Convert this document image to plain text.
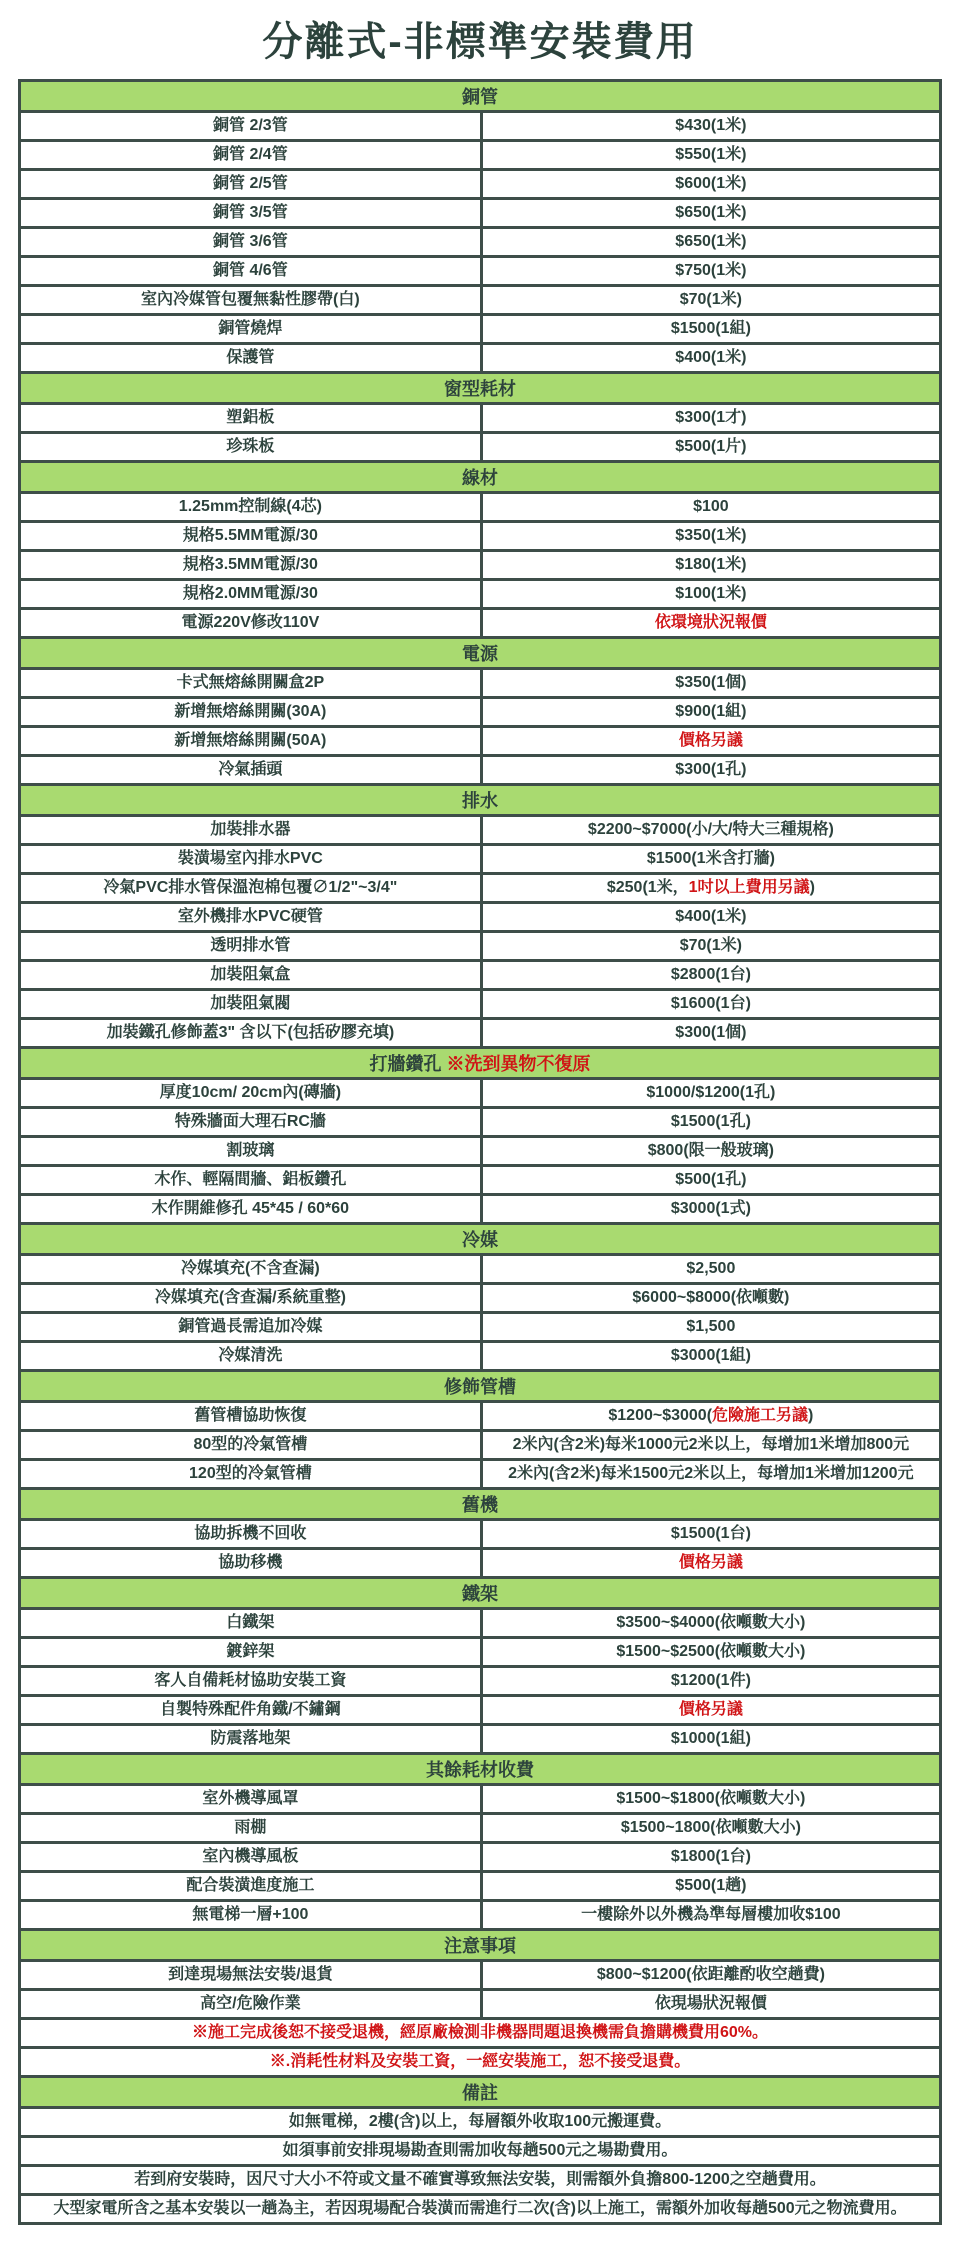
分離式-非標準安裝費用
銅管
銅管 2/3管	$430(1米)
銅管 2/4管	$550(1米)
銅管 2/5管	$600(1米)
銅管 3/5管	$650(1米)
銅管 3/6管	$650(1米)
銅管 4/6管	$750(1米)
室內冷媒管包覆無黏性膠帶(白)	$70(1米)
銅管燒焊	$1500(1組)
保護管	$400(1米)
窗型耗材
塑鋁板	$300(1才)
珍珠板	$500(1片)
線材
1.25mm控制線(4芯)	$100
規格5.5MM電源/30	$350(1米)
規格3.5MM電源/30	$180(1米)
規格2.0MM電源/30	$100(1米)
電源220V修改110V	依環境狀況報價
電源
卡式無熔絲開關盒2P	$350(1個)
新增無熔絲開關(30A)	$900(1組)
新增無熔絲開關(50A)	價格另議
冷氣插頭	$300(1孔)
排水
加裝排水器	$2200~$7000(小/大/特大三種規格)
裝潢場室內排水PVC	$1500(1米含打牆)
冷氣PVC排水管保溫泡棉包覆∅1/2"~3/4"	$250(1米， 1吋以上費用另議 )
室外機排水PVC硬管	$400(1米)
透明排水管	$70(1米)
加裝阻氣盒	$2800(1台)
加裝阻氣閥	$1600(1台)
加裝鐵孔修飾蓋3" 含以下(包括矽膠充填)	$300(1個)
打牆鑽孔 ※洗到異物不復原
厚度10cm/ 20cm內(磚牆)	$1000/$1200(1孔)
特殊牆面大理石RC牆	$1500(1孔)
割玻璃	$800(限一般玻璃)
木作、輕隔間牆、鋁板鑽孔	$500(1孔)
木作開維修孔 45*45 / 60*60	$3000(1式)
冷媒
冷媒填充(不含查漏)	$2,500
冷媒填充(含查漏/系統重整)	$6000~$8000(依噸數)
銅管過長需追加冷媒	$1,500
冷媒清洗	$3000(1組)
修飾管槽
舊管槽協助恢復	$1200~$3000( 危險施工另議 )
80型的冷氣管槽	2米內(含2米)每米1000元2米以上，每增加1米增加800元
120型的冷氣管槽	2米內(含2米)每米1500元2米以上，每增加1米增加1200元
舊機
協助拆機不回收	$1500(1台)
協助移機	價格另議
鐵架
白鐵架	$3500~$4000(依噸數大小)
鍍鋅架	$1500~$2500(依噸數大小)
客人自備耗材協助安裝工資	$1200(1件)
自製特殊配件角鐵/不鏽鋼	價格另議
防震落地架	$1000(1組)
其餘耗材收費
室外機導風罩	$1500~$1800(依噸數大小)
雨棚	$1500~1800(依噸數大小)
室內機導風板	$1800(1台)
配合裝潢進度施工	$500(1趟)
無電梯一層+100	一樓除外以外機為準每層樓加收$100
注意事項
到達現場無法安裝/退貨	$800~$1200(依距離酌收空趟費)
高空/危險作業	依現場狀況報價
※施工完成後恕不接受退機，經原廠檢測非機器問題退換機需負擔購機費用60%。
※.消耗性材料及安裝工資，一經安裝施工，恕不接受退費。
備註
如無電梯，2樓(含)以上，每層額外收取100元搬運費。
如須事前安排現場勘查則需加收每趟500元之場勘費用。
若到府安裝時，因尺寸大小不符或文量不確實導致無法安裝，則需額外負擔800-1200之空趟費用。
大型家電所含之基本安裝以一趟為主，若因現場配合裝潢而需進行二次(含)以上施工，需額外加收每趟500元之物流費用。
